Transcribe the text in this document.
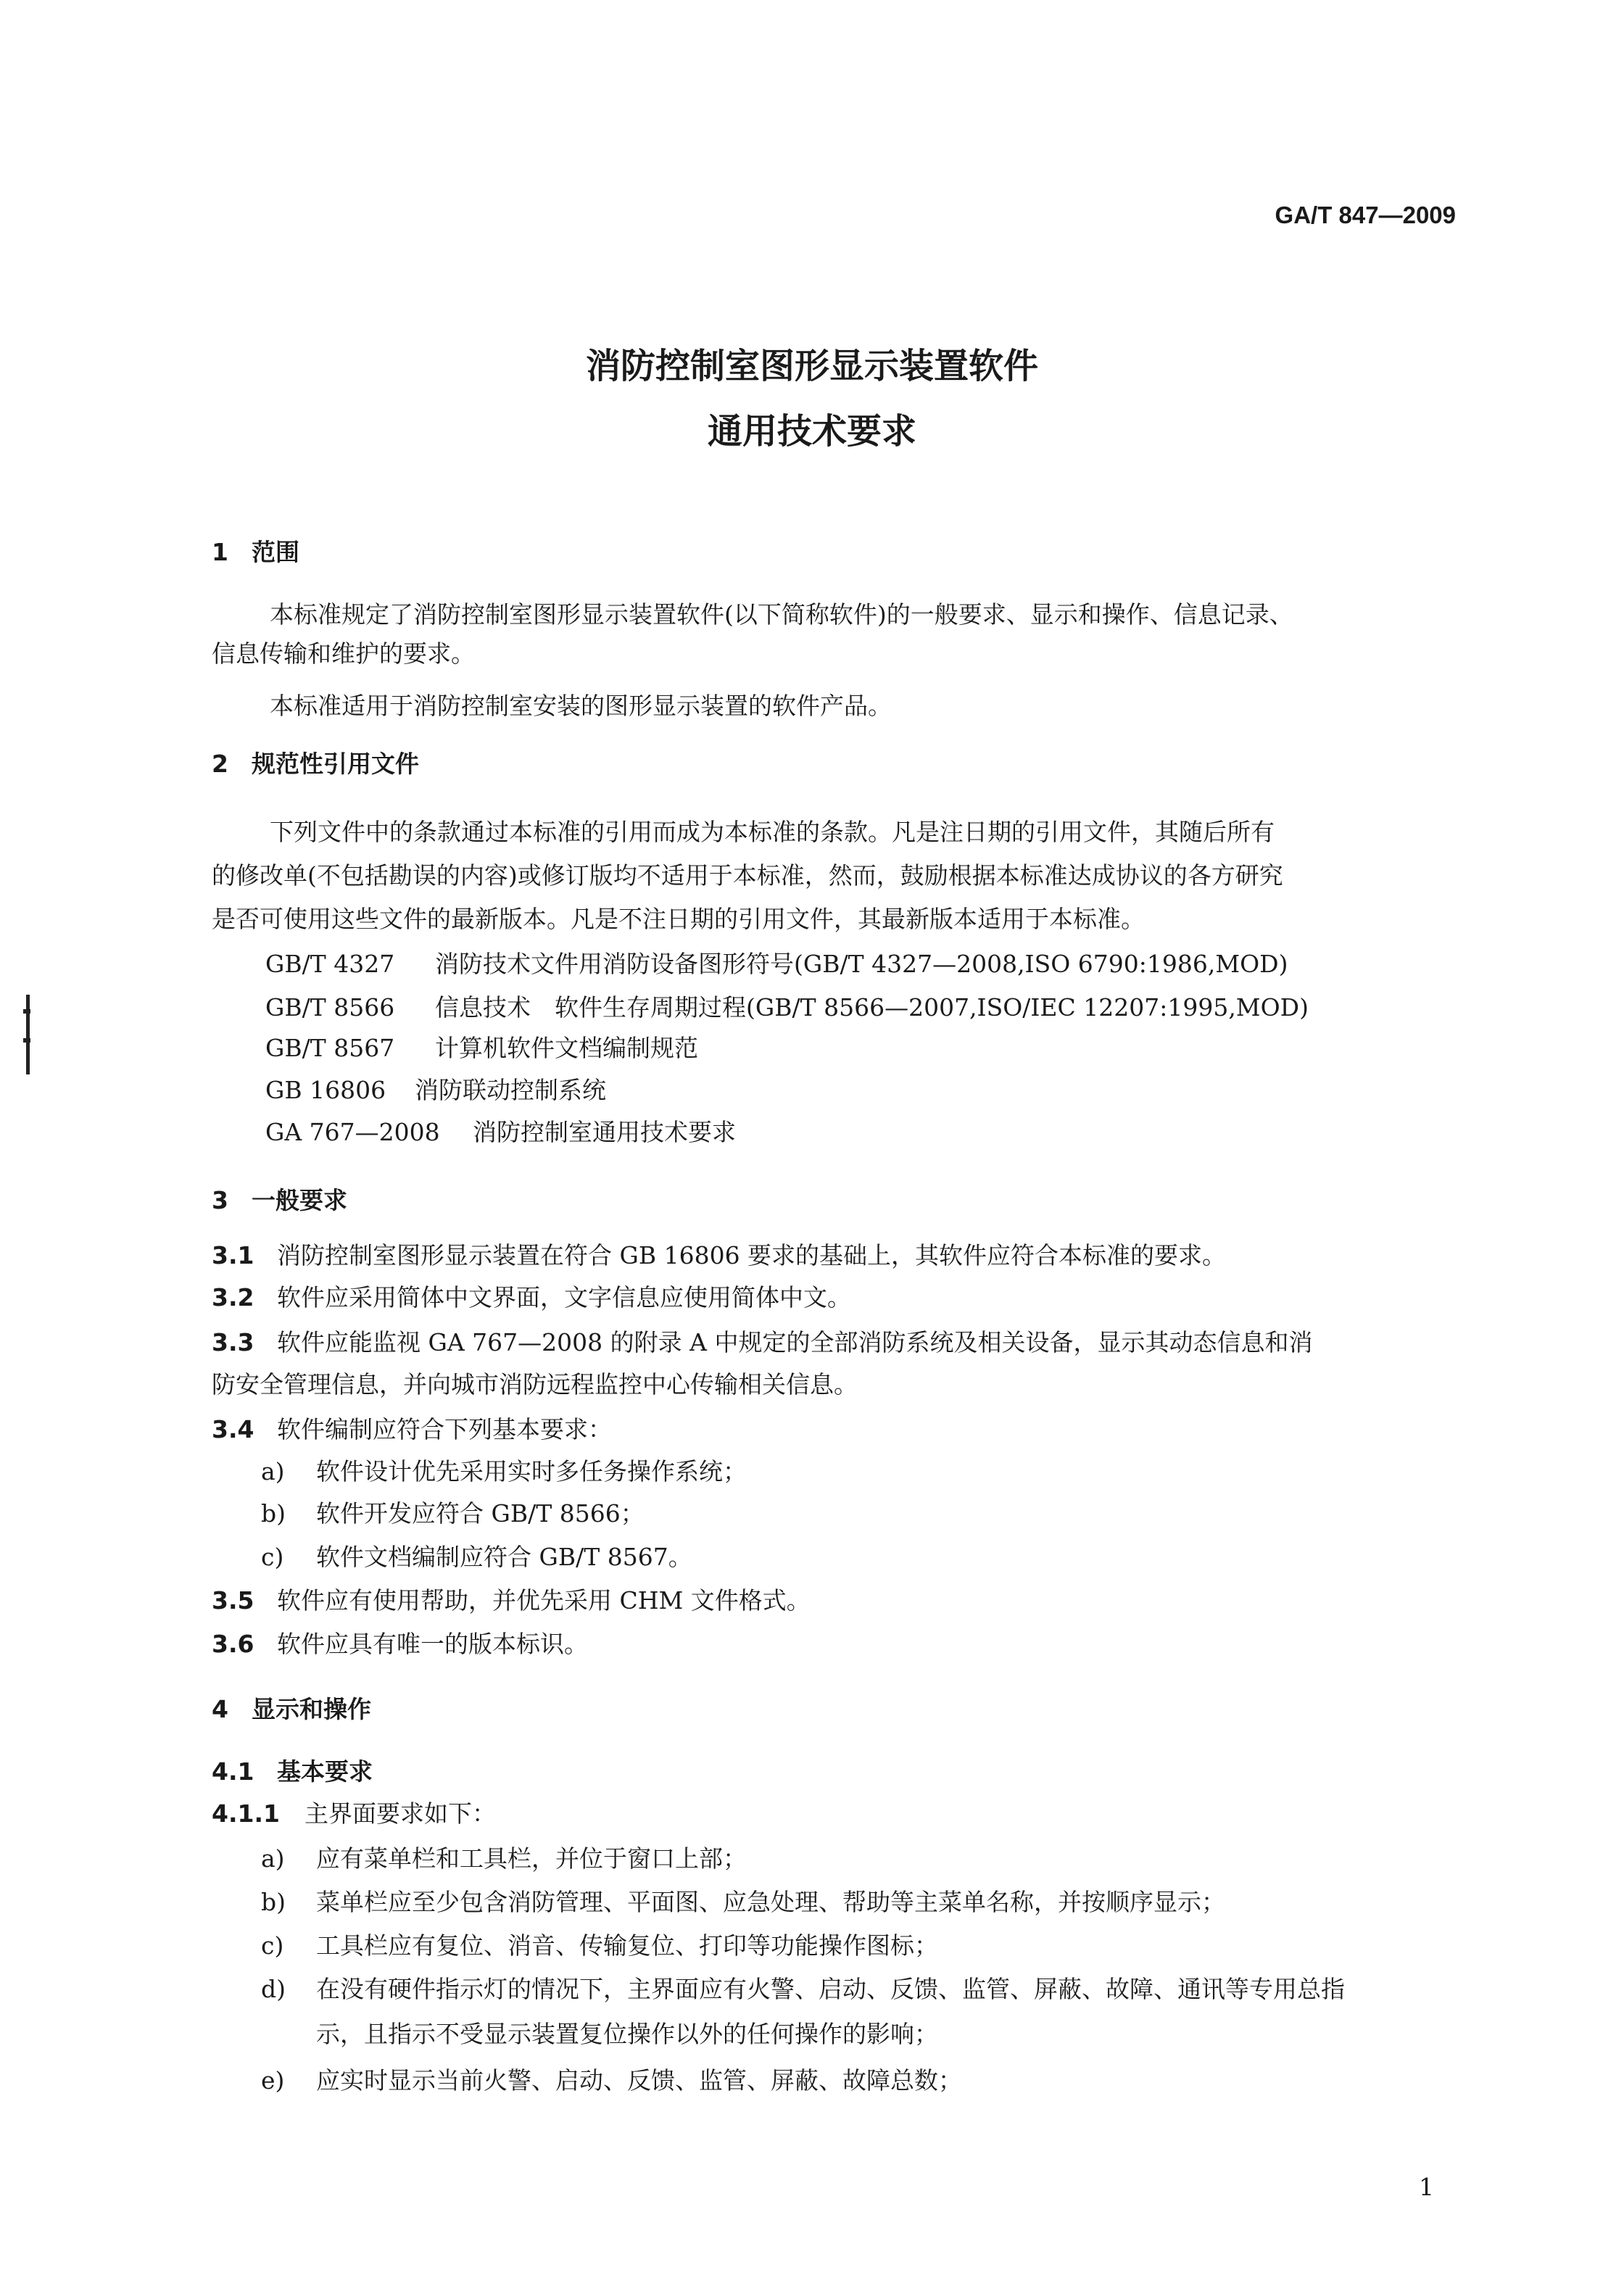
GA/T 847—2009
消防控制室图形显示装置软件
通用技术要求
1 范围
本标准规定了消防控制室图形显示装置软件(以下简称软件)的一般要求、显示和操作、信息记录、
信息传输和维护的要求。
本标准适用于消防控制室安装的图形显示装置的软件产品。
2 规范性引用文件
下列文件中的条款通过本标准的引用而成为本标准的条款。凡是注日期的引用文件，其随后所有
的修改单(不包括勘误的内容)或修订版均不适用于本标准，然而，鼓励根据本标准达成协议的各方研究
是否可使用这些文件的最新版本。凡是不注日期的引用文件，其最新版本适用于本标准。
GB/T 4327 消防技术文件用消防设备图形符号(GB/T 4327—2008,ISO 6790:1986,MOD)
GB/T 8566 信息技术　软件生存周期过程(GB/T 8566—2007,ISO/IEC 12207:1995,MOD)
GB/T 8567 计算机软件文档编制规范
GB 16806 消防联动控制系统
GA 767—2008 消防控制室通用技术要求
3 一般要求
3.1 消防控制室图形显示装置在符合 GB 16806 要求的基础上，其软件应符合本标准的要求。
3.2 软件应采用简体中文界面，文字信息应使用简体中文。
3.3 软件应能监视 GA 767—2008 的附录 A 中规定的全部消防系统及相关设备，显示其动态信息和消
防安全管理信息，并向城市消防远程监控中心传输相关信息。
3.4 软件编制应符合下列基本要求：
a) 软件设计优先采用实时多任务操作系统；
b) 软件开发应符合 GB/T 8566；
c) 软件文档编制应符合 GB/T 8567。
3.5 软件应有使用帮助，并优先采用 CHM 文件格式。
3.6 软件应具有唯一的版本标识。
4 显示和操作
4.1 基本要求
4.1.1 主界面要求如下：
a) 应有菜单栏和工具栏，并位于窗口上部；
b) 菜单栏应至少包含消防管理、平面图、应急处理、帮助等主菜单名称，并按顺序显示；
c) 工具栏应有复位、消音、传输复位、打印等功能操作图标；
d) 在没有硬件指示灯的情况下，主界面应有火警、启动、反馈、监管、屏蔽、故障、通讯等专用总指
示，且指示不受显示装置复位操作以外的任何操作的影响；
e) 应实时显示当前火警、启动、反馈、监管、屏蔽、故障总数；
1
